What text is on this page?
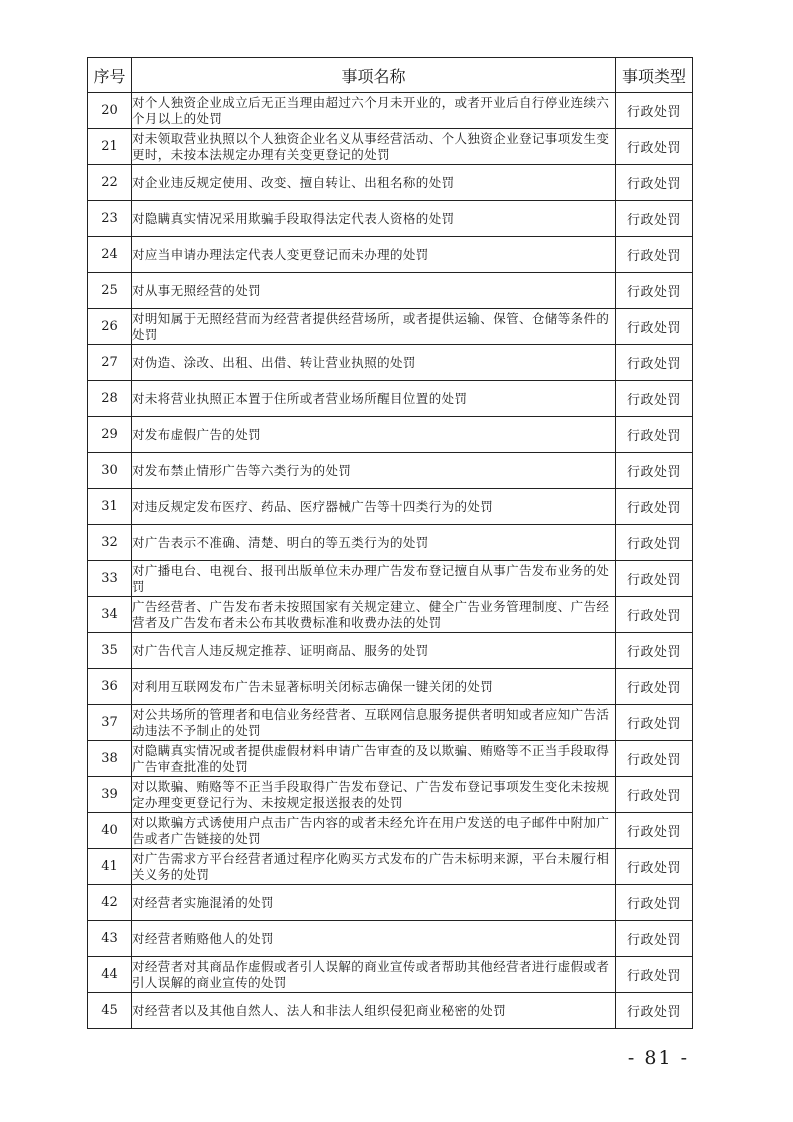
序号	事项名称	事项类型
20	对个人独资企业成立后无正当理由超过六个月未开业的，或者开业后自行停业连续六个月以上的处罚	行政处罚
21	对未领取营业执照以个人独资企业名义从事经营活动、个人独资企业登记事项发生变更时，未按本法规定办理有关变更登记的处罚	行政处罚
22	对企业违反规定使用、改变、擅自转让、出租名称的处罚	行政处罚
23	对隐瞒真实情况采用欺骗手段取得法定代表人资格的处罚	行政处罚
24	对应当申请办理法定代表人变更登记而未办理的处罚	行政处罚
25	对从事无照经营的处罚	行政处罚
26	对明知属于无照经营而为经营者提供经营场所，或者提供运输、保管、仓储等条件的处罚	行政处罚
27	对伪造、涂改、出租、出借、转让营业执照的处罚	行政处罚
28	对未将营业执照正本置于住所或者营业场所醒目位置的处罚	行政处罚
29	对发布虚假广告的处罚	行政处罚
30	对发布禁止情形广告等六类行为的处罚	行政处罚
31	对违反规定发布医疗、药品、医疗器械广告等十四类行为的处罚	行政处罚
32	对广告表示不准确、清楚、明白的等五类行为的处罚	行政处罚
33	对广播电台、电视台、报刊出版单位未办理广告发布登记擅自从事广告发布业务的处罚	行政处罚
34	广告经营者、广告发布者未按照国家有关规定建立、健全广告业务管理制度、广告经营者及广告发布者未公布其收费标准和收费办法的处罚	行政处罚
35	对广告代言人违反规定推荐、证明商品、服务的处罚	行政处罚
36	对利用互联网发布广告未显著标明关闭标志确保一键关闭的处罚	行政处罚
37	对公共场所的管理者和电信业务经营者、互联网信息服务提供者明知或者应知广告活动违法不予制止的处罚	行政处罚
38	对隐瞒真实情况或者提供虚假材料申请广告审查的及以欺骗、贿赂等不正当手段取得广告审查批准的处罚	行政处罚
39	对以欺骗、贿赂等不正当手段取得广告发布登记、广告发布登记事项发生变化未按规定办理变更登记行为、未按规定报送报表的处罚	行政处罚
40	对以欺骗方式诱使用户点击广告内容的或者未经允许在用户发送的电子邮件中附加广告或者广告链接的处罚	行政处罚
41	对广告需求方平台经营者通过程序化购买方式发布的广告未标明来源，平台未履行相关义务的处罚	行政处罚
42	对经营者实施混淆的处罚	行政处罚
43	对经营者贿赂他人的处罚	行政处罚
44	对经营者对其商品作虚假或者引人误解的商业宣传或者帮助其他经营者进行虚假或者引人误解的商业宣传的处罚	行政处罚
45	对经营者以及其他自然人、法人和非法人组织侵犯商业秘密的处罚	行政处罚
- 81 -
